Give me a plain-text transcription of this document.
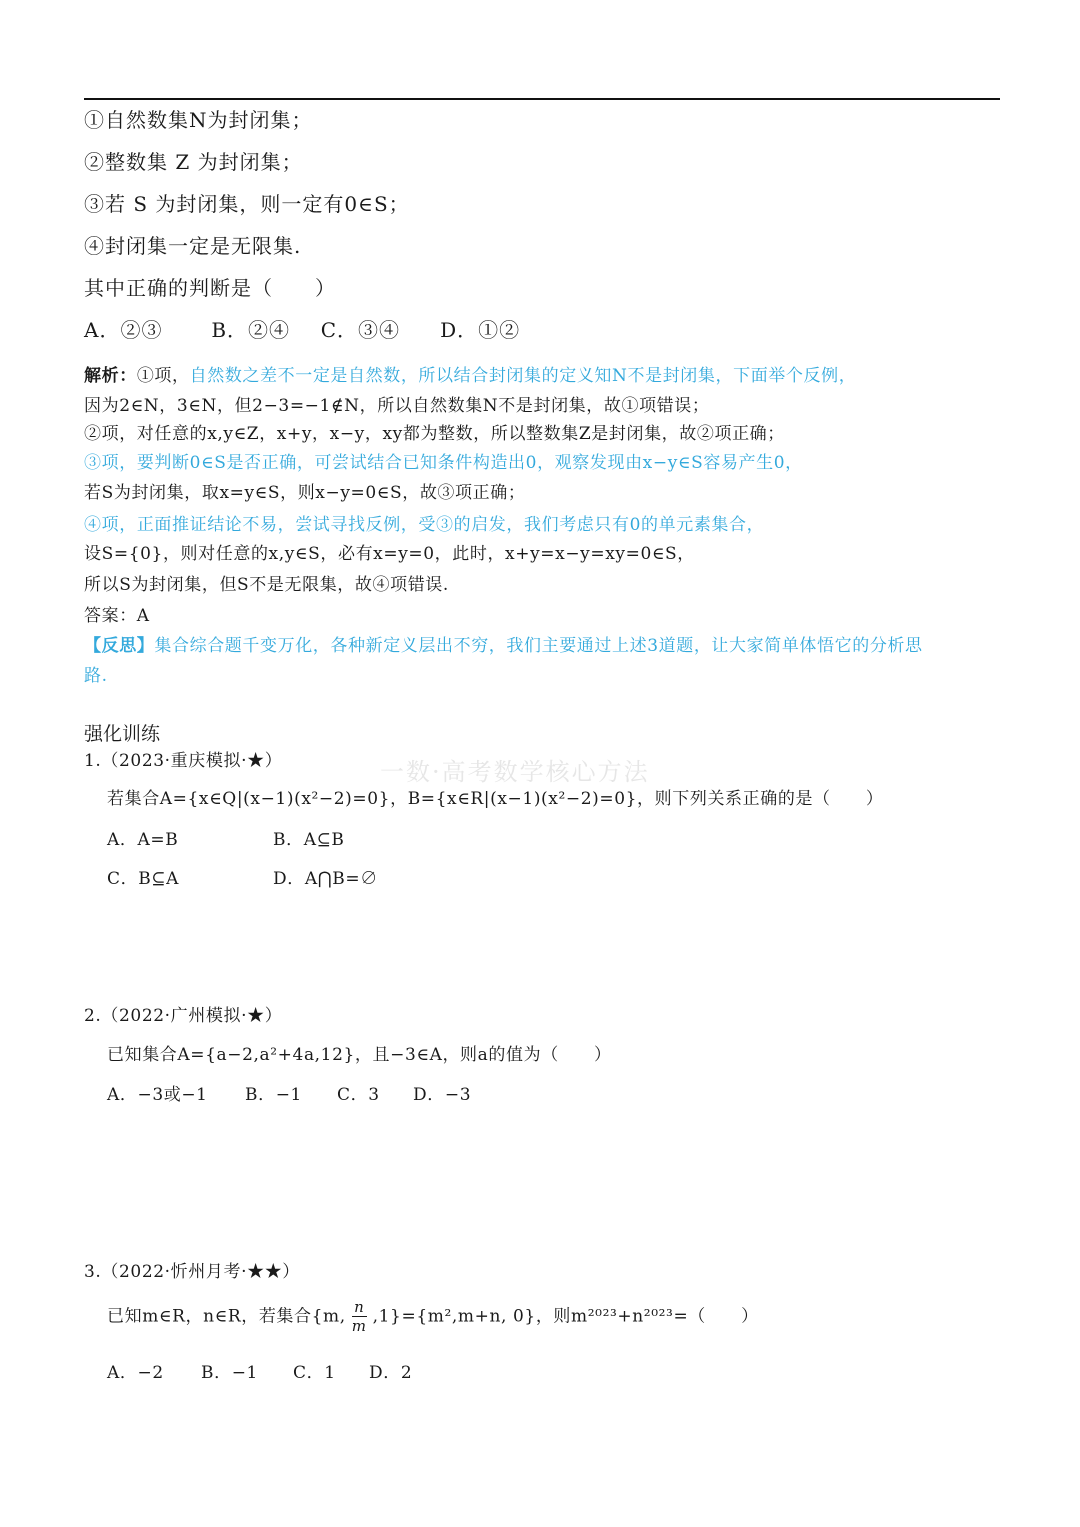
①自然数集N为封闭集；
②整数集 Z 为封闭集；
③若 S 为封闭集，则一定有0∈S；
④封闭集一定是无限集.
其中正确的判断是（　　）
A．②③ B．②④ C．③④ D．①②
解析：①项，自然数之差不一定是自然数，所以结合封闭集的定义知N不是封闭集，下面举个反例，
因为2∈N，3∈N，但2−3=−1∉N，所以自然数集N不是封闭集，故①项错误；
②项，对任意的x,y∈Z，x+y，x−y，xy都为整数，所以整数集Z是封闭集，故②项正确；
③项，要判断0∈S是否正确，可尝试结合已知条件构造出0，观察发现由x−y∈S容易产生0，
若S为封闭集，取x=y∈S，则x−y=0∈S，故③项正确；
④项，正面推证结论不易，尝试寻找反例，受③的启发，我们考虑只有0的单元素集合，
设S={0}，则对任意的x,y∈S，必有x=y=0，此时，x+y=x−y=xy=0∈S，
所以S为封闭集，但S不是无限集，故④项错误.
答案：A
【反思】集合综合题千变万化，各种新定义层出不穷，我们主要通过上述3道题，让大家简单体悟它的分析思
路.
强化训练
一数·高考数学核心方法
1.（2023·重庆模拟·★）
若集合A={x∈Q|(x−1)(x²−2)=0}，B={x∈R|(x−1)(x²−2)=0}，则下列关系正确的是（　　）
A．A=B	B．A⊆B
C．B⊆A	D．A⋂B=∅
2.（2022·广州模拟·★）
已知集合A={a−2,a²+4a,12}，且−3∈A，则a的值为（　　）
A．−3或−1 B．−1 C．3 D．−3
3.（2022·忻州月考·★★）
已知m∈R，n∈R，若集合{m, $\frac{n}{m} ,1\}=\{m^2,m+n$, 0}，则m²⁰²³+n²⁰²³=（　　）
A．−2 B．−1 C．1 D．2
